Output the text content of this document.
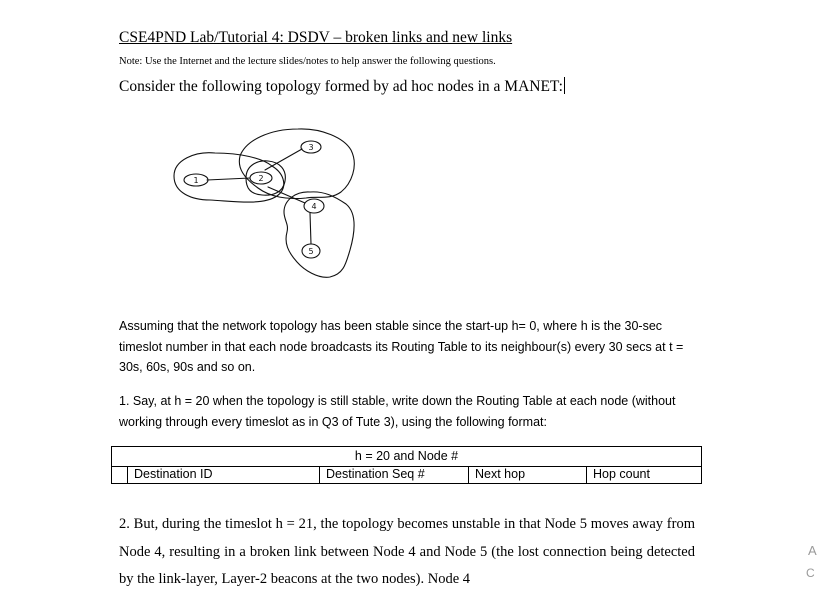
CSE4PND Lab/Tutorial 4: DSDV – broken links and new links
Note: Use the Internet and the lecture slides/notes to help answer the following questions.
Consider the following topology formed by ad hoc nodes in a MANET:
1	2
3
4
5
Assuming that the network topology has been stable since the start-up h= 0, where h is the 30-sec timeslot number in that each node broadcasts its Routing Table to its neighbour(s) every 30 secs at t = 30s, 60s, 90s and so on.
1. Say, at h = 20 when the topology is still stable, write down the Routing Table at each node (without working through every timeslot as in Q3 of Tute 3), using the following format:
h = 20 and Node #
Destination ID	Destination Seq #	Next hop	Hop count
2. But, during the timeslot h = 21, the topology becomes unstable in that Node 5 moves away from Node 4, resulting in a broken link between Node 4 and Node 5 (the lost connection being detected by the link-layer, Layer-2 beacons at the two nodes). Node 4
A
C
